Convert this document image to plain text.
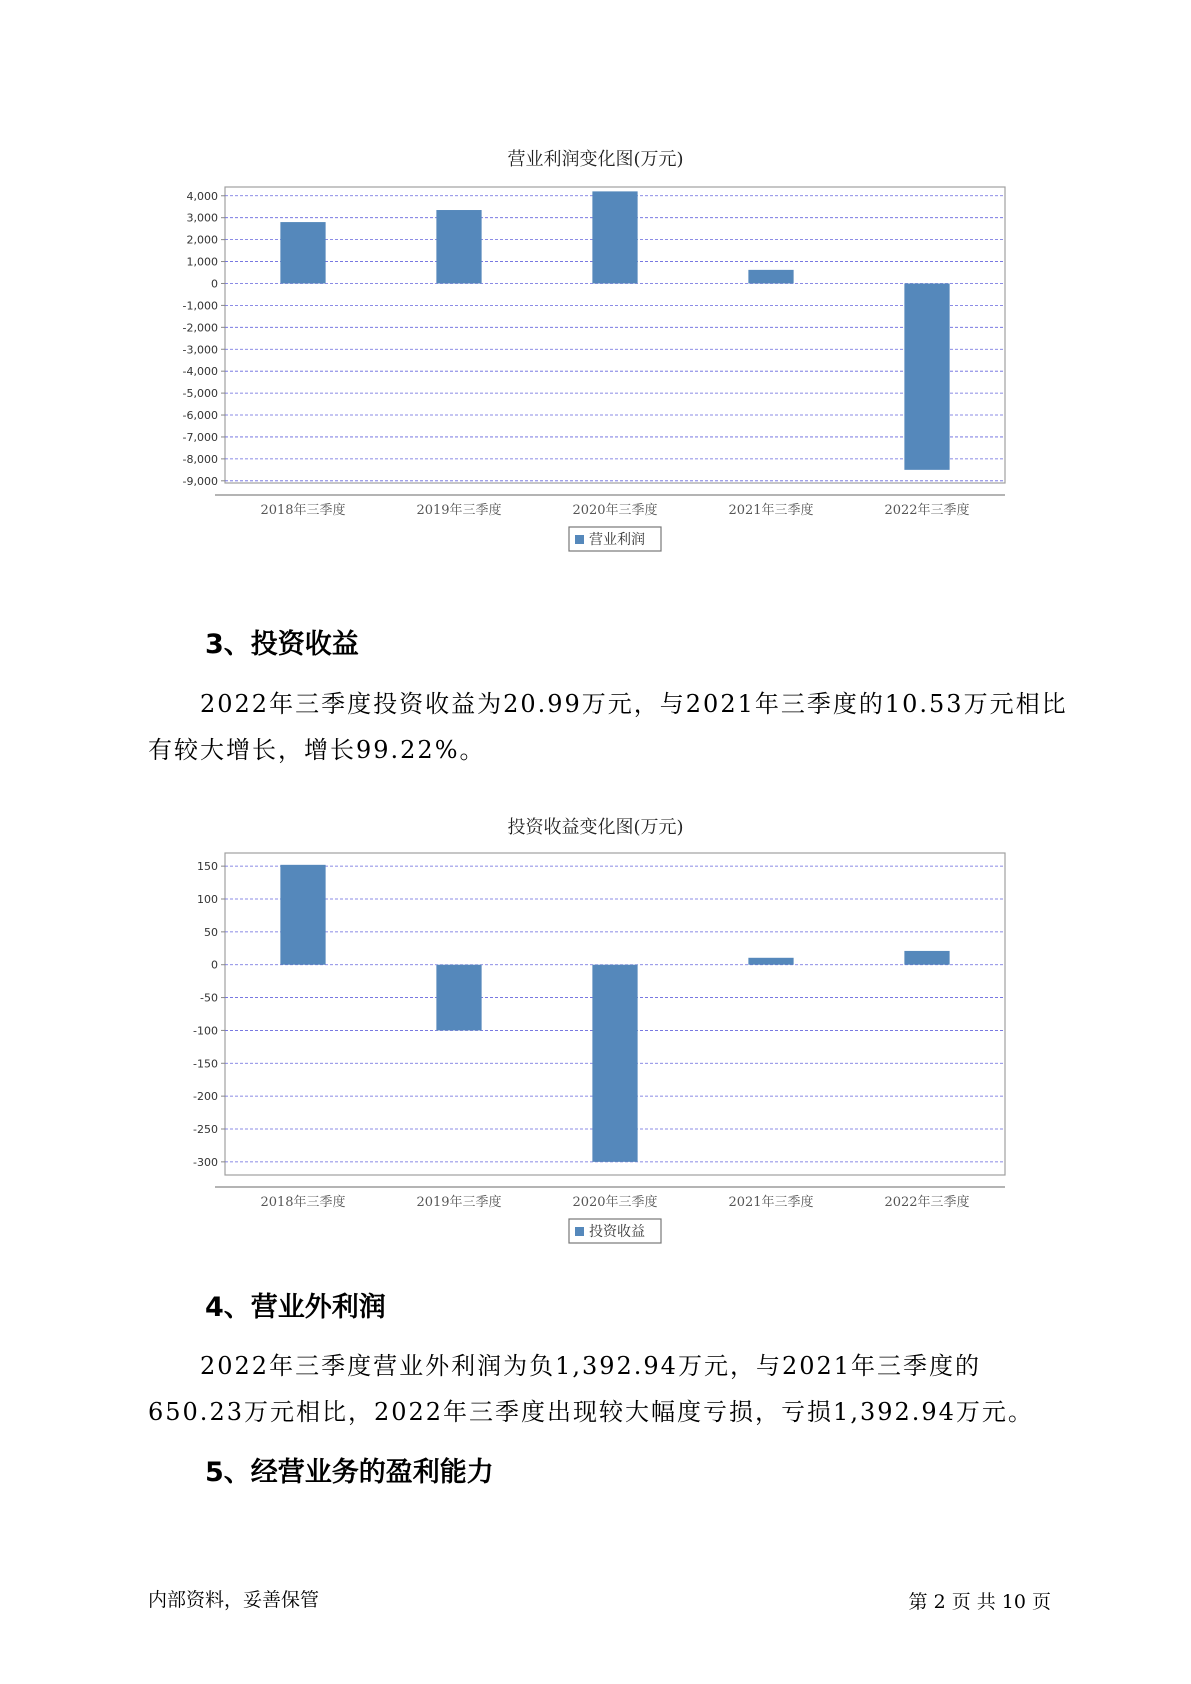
营业利润变化图(万元)
4,000
3,000
2,000
1,000
0
-1,000
-2,000
-3,000
-4,000
-5,000
-6,000
-7,000
-8,000
-9,000
2018年三季度	2019年三季度	2020年三季度	2021年三季度	2022年三季度
营业利润
3、投资收益
2022年三季度投资收益为20.99万元，与2021年三季度的10.53万元相比有较大增长，增长99.22%。
投资收益变化图(万元)
150
100
50
0
-50
-100
-150
-200
-250
-300
2018年三季度	2019年三季度	2020年三季度	2021年三季度	2022年三季度
投资收益
4、营业外利润
2022年三季度营业外利润为负1,392.94万元，与2021年三季度的650.23万元相比，2022年三季度出现较大幅度亏损，亏损1,392.94万元。
5、经营业务的盈利能力
内部资料，妥善保管	第 2 页 共 10 页
